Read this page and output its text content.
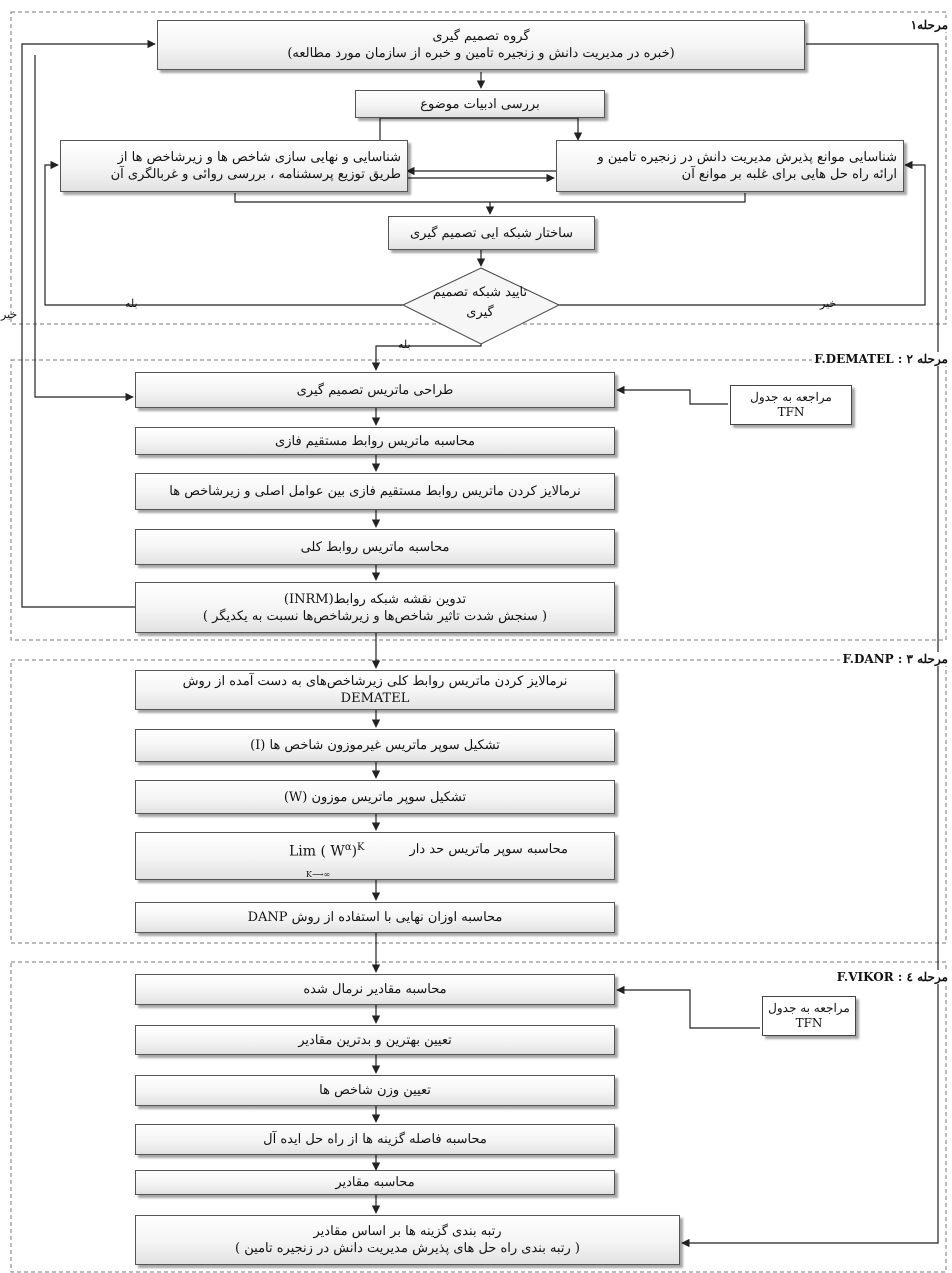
مرحله۱
مرحله ۲ : F.DEMATEL
مرحله ۳ : F.DANP
مرحله ٤ : F.VIKOR
بله	خیر
خیر
بله
گروه تصمیم گیری
(خبره در مدیریت دانش و زنجیره تامین و خبره از سازمان مورد مطالعه)
بررسی ادبیات موضوع
شناسایی و نهایی سازی شاخص ها و زیرشاخص ها از
طریق توزیع پرسشنامه ، بررسی روائی و غربالگری آن
شناسایی موانع پذیرش مدیریت دانش در زنجیره تامین و
ارائه راه حل هایی برای غلبه بر موانع آن
ساختار شبکه ایی تصمیم گیری
تایید شبکه تصمیم
گیری
طراحی ماتریس تصمیم گیری	مراجعه به جدول
TFN
محاسبه ماتریس روابط مستقیم فازی
نرمالایز کردن ماتریس روابط مستقیم فازی بین عوامل اصلی و زیرشاخص ها
محاسبه ماتریس روابط کلی
تدوین نقشه شبکه روابط(INRM)
( سنجش شدت تاثیر شاخص‌ها و زیرشاخص‌ها نسبت به یکدیگر )
نرمالایز کردن ماتریس روابط کلی زیرشاخص‌های به دست آمده از روش
DEMATEL
تشکیل سوپر ماتریس غیرموزون شاخص ها (I)
تشکیل سوپر ماتریس موزون (W)
محاسبه سوپر ماتریس حد دار
Lim ( $W^\alpha)^K$
K⟶∞
محاسبه اوزان نهایی با استفاده از روش DANP
محاسبه مقادیر نرمال شده
مراجعه به جدول
TFN
تعیین بهترین و بدترین مقادیر
تعیین وزن شاخص ها
محاسبه فاصله گزینه ها از راه حل ایده آل
محاسبه مقادیر
رتبه بندی گزینه ها بر اساس مقادیر
( رتبه بندی راه حل های پذیرش مدیریت دانش در زنجیره تامین )
